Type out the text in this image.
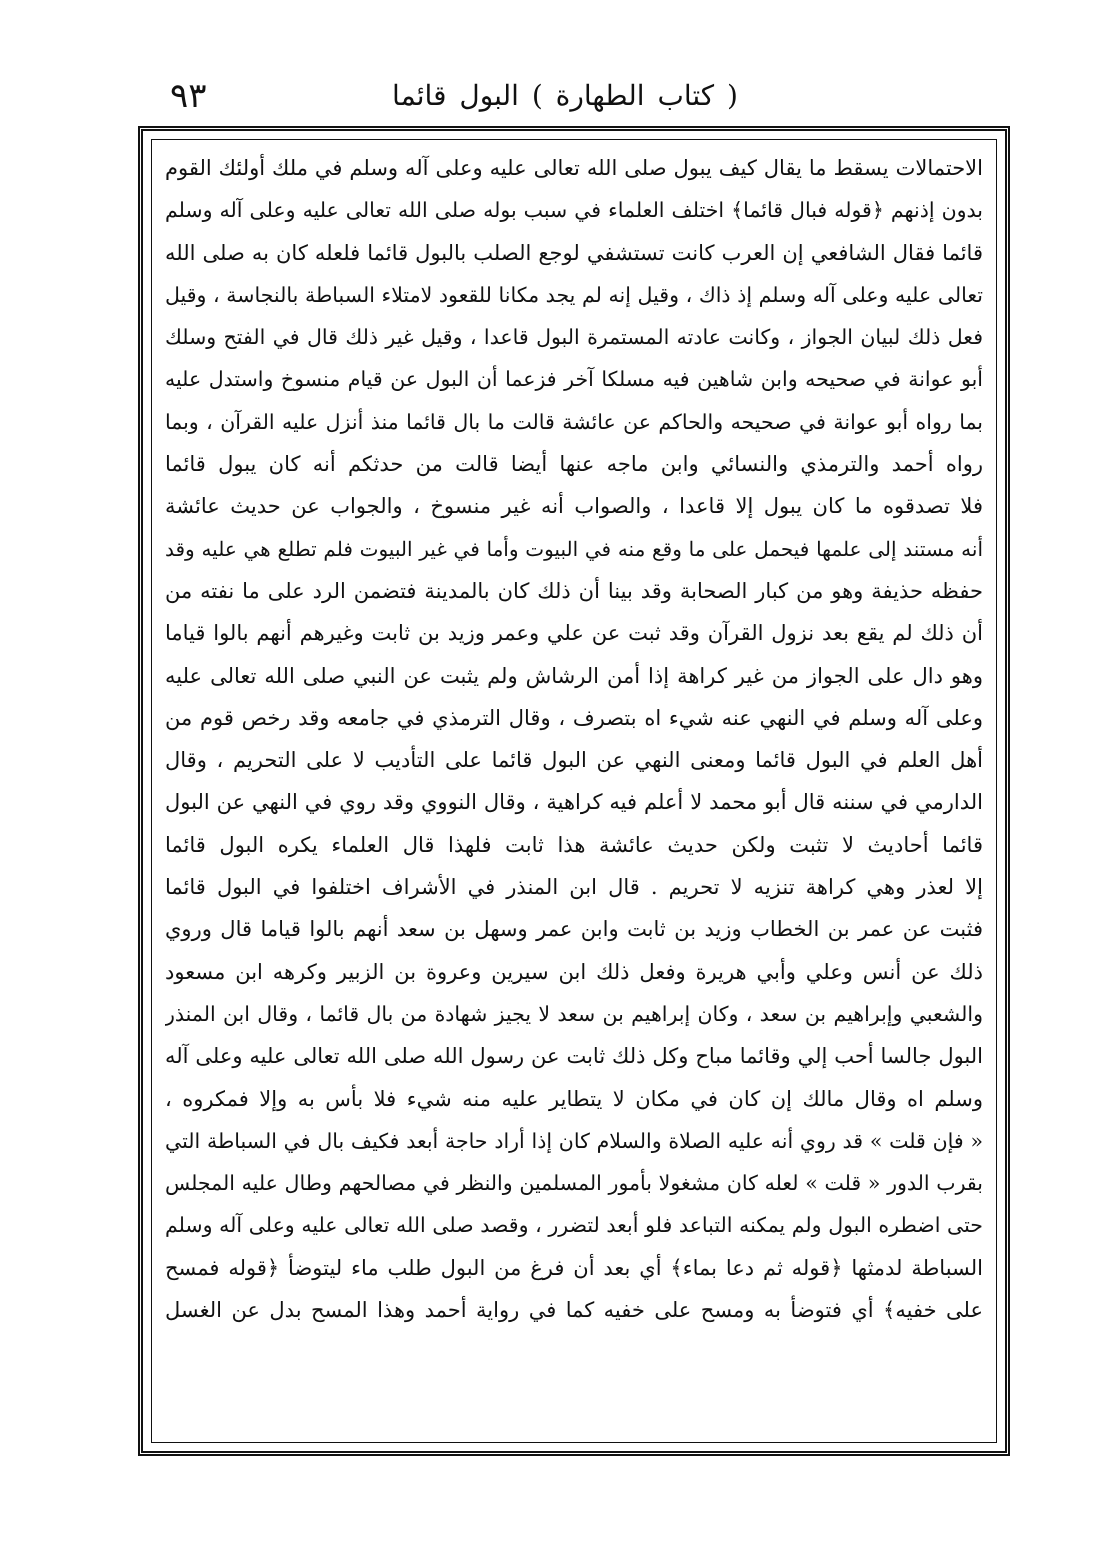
٩٣	( كتاب الطهارة ) البول قائما
الاحتمالات يسقط ما يقال كيف يبول صلى الله تعالى عليه وعلى آله وسلم في ملك أولئك القوم
بدون إذنهم ﴿قوله فبال قائما﴾ اختلف العلماء في سبب بوله صلى الله تعالى عليه وعلى آله وسلم
قائما فقال الشافعي إن العرب كانت تستشفي لوجع الصلب بالبول قائما فلعله كان به صلى الله
تعالى عليه وعلى آله وسلم إذ ذاك ، وقيل إنه لم يجد مكانا للقعود لامتلاء السباطة بالنجاسة ، وقيل
فعل ذلك لبيان الجواز ، وكانت عادته المستمرة البول قاعدا ، وقيل غير ذلك قال في الفتح وسلك
أبو عوانة في صحيحه وابن شاهين فيه مسلكا آخر فزعما أن البول عن قيام منسوخ واستدل عليه
بما رواه أبو عوانة في صحيحه والحاكم عن عائشة قالت ما بال قائما منذ أنزل عليه القرآن ، وبما
رواه أحمد والترمذي والنسائي وابن ماجه عنها أيضا قالت من حدثكم أنه كان يبول قائما
فلا تصدقوه ما كان يبول إلا قاعدا ، والصواب أنه غير منسوخ ، والجواب عن حديث عائشة
أنه مستند إلى علمها فيحمل على ما وقع منه في البيوت وأما في غير البيوت فلم تطلع هي عليه وقد
حفظه حذيفة وهو من كبار الصحابة وقد بينا أن ذلك كان بالمدينة فتضمن الرد على ما نفته من
أن ذلك لم يقع بعد نزول القرآن وقد ثبت عن علي وعمر وزيد بن ثابت وغيرهم أنهم بالوا قياما
وهو دال على الجواز من غير كراهة إذا أمن الرشاش ولم يثبت عن النبي صلى الله تعالى عليه
وعلى آله وسلم في النهي عنه شيء اه بتصرف ، وقال الترمذي في جامعه وقد رخص قوم من
أهل العلم في البول قائما ومعنى النهي عن البول قائما على التأديب لا على التحريم ، وقال
الدارمي في سننه قال أبو محمد لا أعلم فيه كراهية ، وقال النووي وقد روي في النهي عن البول
قائما أحاديث لا تثبت ولكن حديث عائشة هذا ثابت فلهذا قال العلماء يكره البول قائما
إلا لعذر وهي كراهة تنزيه لا تحريم . قال ابن المنذر في الأشراف اختلفوا في البول قائما
فثبت عن عمر بن الخطاب وزيد بن ثابت وابن عمر وسهل بن سعد أنهم بالوا قياما قال وروي
ذلك عن أنس وعلي وأبي هريرة وفعل ذلك ابن سيرين وعروة بن الزبير وكرهه ابن مسعود
والشعبي وإبراهيم بن سعد ، وكان إبراهيم بن سعد لا يجيز شهادة من بال قائما ، وقال ابن المنذر
البول جالسا أحب إلي وقائما مباح وكل ذلك ثابت عن رسول الله صلى الله تعالى عليه وعلى آله
وسلم اه وقال مالك إن كان في مكان لا يتطاير عليه منه شيء فلا بأس به وإلا فمكروه ،
« فإن قلت » قد روي أنه عليه الصلاة والسلام كان إذا أراد حاجة أبعد فكيف بال في السباطة التي
بقرب الدور « قلت » لعله كان مشغولا بأمور المسلمين والنظر في مصالحهم وطال عليه المجلس
حتى اضطره البول ولم يمكنه التباعد فلو أبعد لتضرر ، وقصد صلى الله تعالى عليه وعلى آله وسلم
السباطة لدمثها ﴿قوله ثم دعا بماء﴾ أي بعد أن فرغ من البول طلب ماء ليتوضأ ﴿قوله فمسح
على خفيه﴾ أي فتوضأ به ومسح على خفيه كما في رواية أحمد وهذا المسح بدل عن الغسل
